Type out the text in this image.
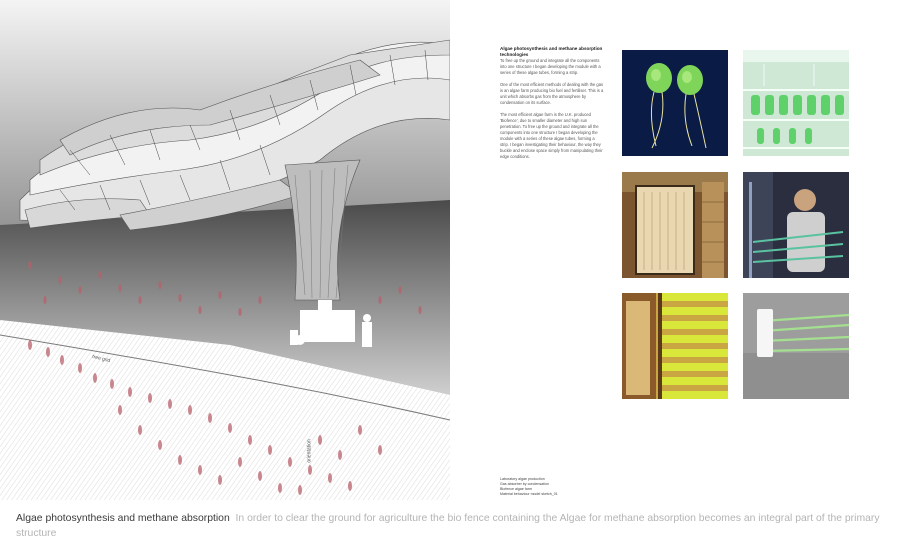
tree grid
orientation

Algae photosynthesis and methane absorption technologies

To free up the ground and integrate all the components into one structure I began developing the module with a series of these algae tubes, forming a strip.

One of the most efficient methods of dealing with the gas is an algae farm producing bio fuel and fertiliser. This is a unit which absorbs gas from the atmosphere by condensation on its surface.

The most efficient algae farm is the U.K. produced 'Biofence', due to smaller diameter and high sun penetration. To free up the ground and integrate all the components into one structure I began developing the module with a series of these algae tubes, forming a strip. I began investigating their behaviour, the way they buckle and enclose space simply from manipulating their edge conditions.

Laboratory algae production
Gas absorber by condensation
Biofence algae farm
Material behaviour model sketch_01
Algae photosynthesis and methane absorption In order to clear the ground for agriculture the bio fence containing the Algae for methane absorption becomes an integral part of the primary structure
